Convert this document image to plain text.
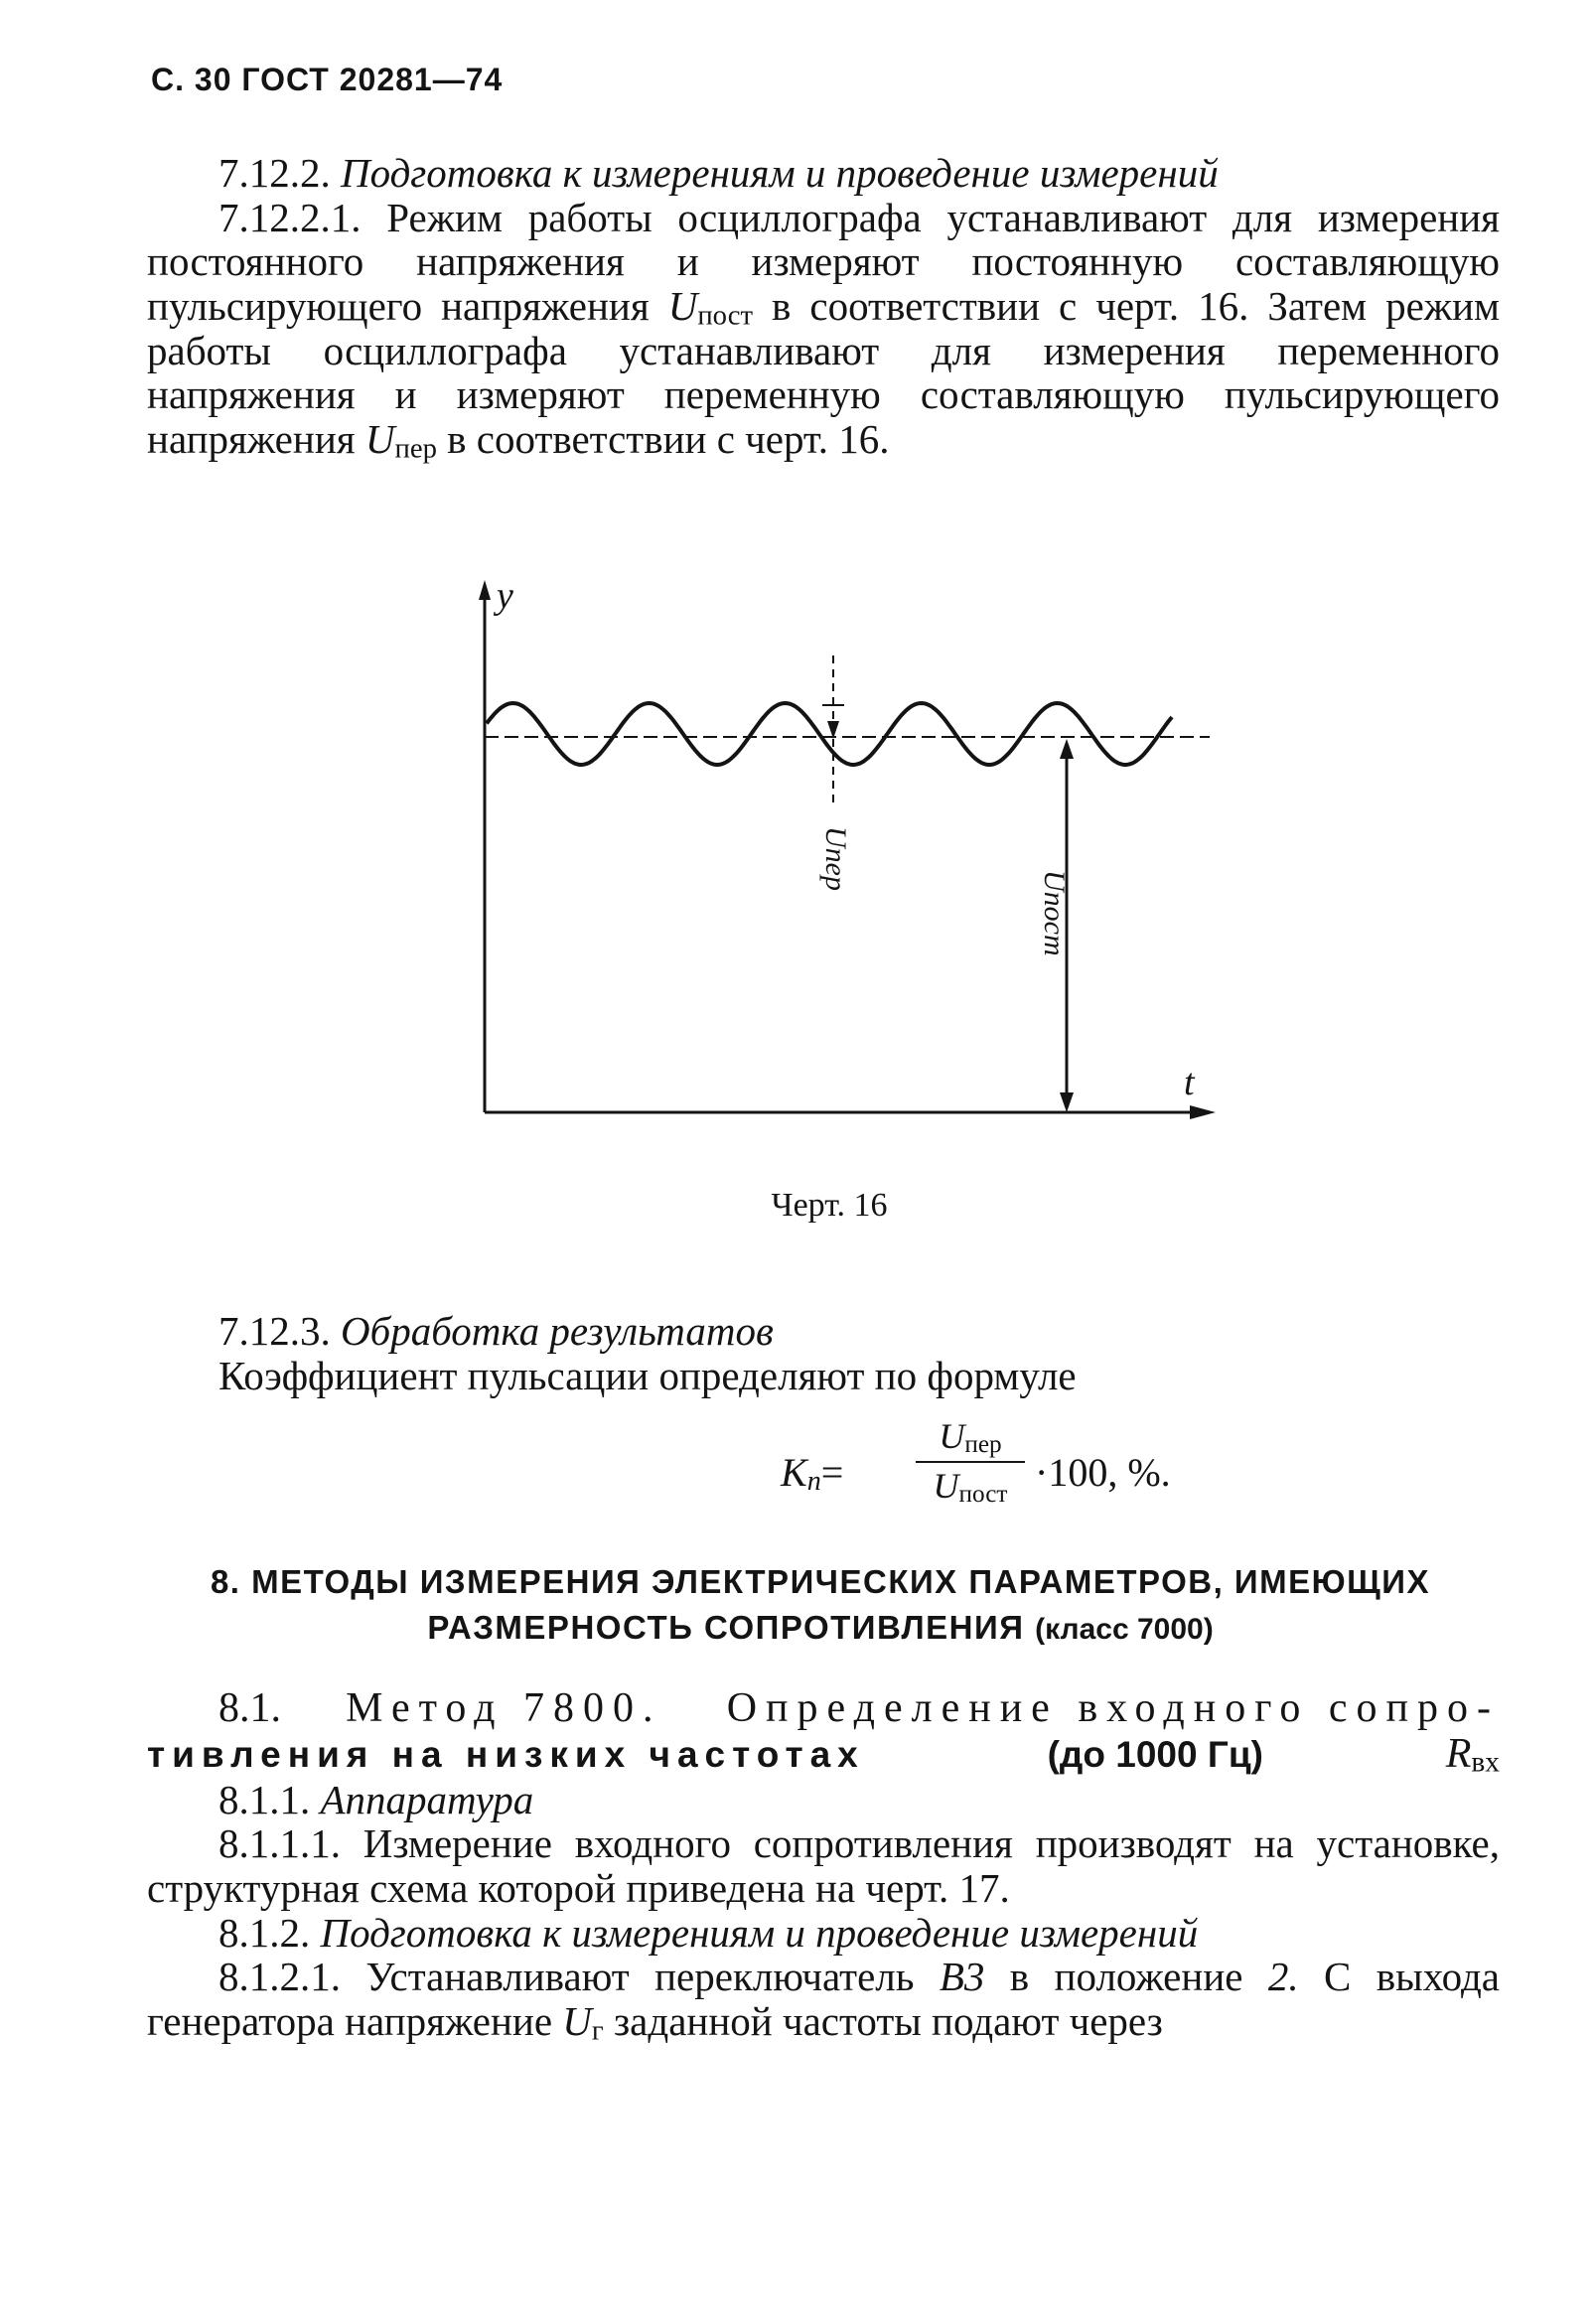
С. 30 ГОСТ 20281—74
7.12.2. Подготовка к измерениям и проведение измерений
7.12.2.1. Режим работы осциллографа устанавливают для измерения постоянного напряжения и измеряют постоянную составляющую пульсирующего напряжения $U_{пост}$ в соответствии с черт. 16. Затем режим работы осциллографа устанавливают для измерения переменного напряжения и измеряют переменную составляющую пульсирующего напряжения $U_{пер}$ в соответствии с черт. 16.
y
t
Uпер
Uпост
Черт. 16
7.12.3. Обработка результатов
Коэффициент пульсации определяют по формуле
$K_п=$
$U_{пер}$
$U_{пост} \cdot 100$, %.
8. МЕТОДЫ ИЗМЕРЕНИЯ ЭЛЕКТРИЧЕСКИХ ПАРАМЕТРОВ, ИМЕЮЩИХ
РАЗМЕРНОСТЬ СОПРОТИВЛЕНИЯ (класс 7000)
8.1. Метод 7800. Определение входного сопро-
тивления на низких частотах	(до 1000 Гц)	$R_{вх}$
8.1.1. Аппаратура
8.1.1.1. Измерение входного сопротивления производят на установке, структурная схема которой приведена на черт. 17.
8.1.2. Подготовка к измерениям и проведение измерений
8.1.2.1. Устанавливают переключатель В3 в положение 2. С выхода генератора напряжение $U_г$ заданной частоты подают через
